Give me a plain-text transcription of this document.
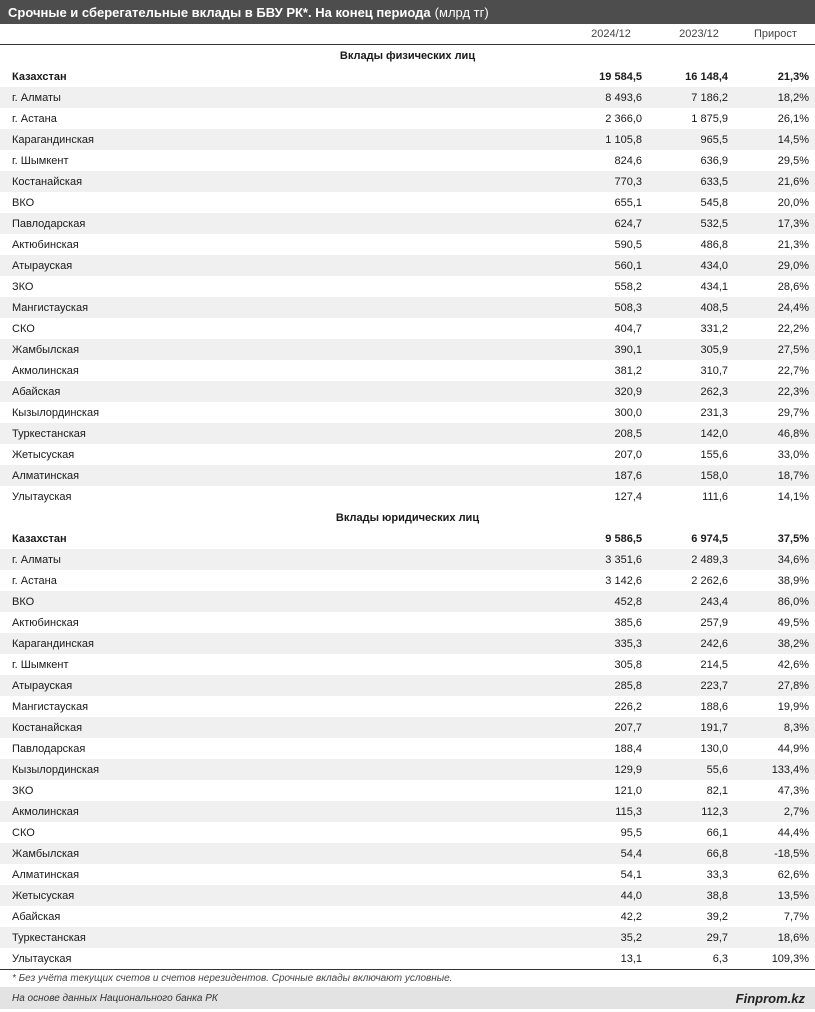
Срочные и сберегательные вклады в БВУ РК*. На конец периода (млрд тг)
2024/12	2023/12	Прирост
Вклады физических лиц
Казахстан	19 584,5	16 148,4	21,3%
г. Алматы	8 493,6	7 186,2	18,2%
г. Астана	2 366,0	1 875,9	26,1%
Карагандинская	1 105,8	965,5	14,5%
г. Шымкент	824,6	636,9	29,5%
Костанайская	770,3	633,5	21,6%
ВКО	655,1	545,8	20,0%
Павлодарская	624,7	532,5	17,3%
Актюбинская	590,5	486,8	21,3%
Атырауская	560,1	434,0	29,0%
ЗКО	558,2	434,1	28,6%
Мангистауская	508,3	408,5	24,4%
СКО	404,7	331,2	22,2%
Жамбылская	390,1	305,9	27,5%
Акмолинская	381,2	310,7	22,7%
Абайская	320,9	262,3	22,3%
Кызылординская	300,0	231,3	29,7%
Туркестанская	208,5	142,0	46,8%
Жетысуская	207,0	155,6	33,0%
Алматинская	187,6	158,0	18,7%
Улытауская	127,4	111,6	14,1%
Вклады юридических лиц
Казахстан	9 586,5	6 974,5	37,5%
г. Алматы	3 351,6	2 489,3	34,6%
г. Астана	3 142,6	2 262,6	38,9%
ВКО	452,8	243,4	86,0%
Актюбинская	385,6	257,9	49,5%
Карагандинская	335,3	242,6	38,2%
г. Шымкент	305,8	214,5	42,6%
Атырауская	285,8	223,7	27,8%
Мангистауская	226,2	188,6	19,9%
Костанайская	207,7	191,7	8,3%
Павлодарская	188,4	130,0	44,9%
Кызылординская	129,9	55,6	133,4%
ЗКО	121,0	82,1	47,3%
Акмолинская	115,3	112,3	2,7%
СКО	95,5	66,1	44,4%
Жамбылская	54,4	66,8	-18,5%
Алматинская	54,1	33,3	62,6%
Жетысуская	44,0	38,8	13,5%
Абайская	42,2	39,2	7,7%
Туркестанская	35,2	29,7	18,6%
Улытауская	13,1	6,3	109,3%
* Без учёта текущих счетов и счетов нерезидентов. Срочные вклады включают условные.
На основе данных Национального банка РК	Finprom.kz
